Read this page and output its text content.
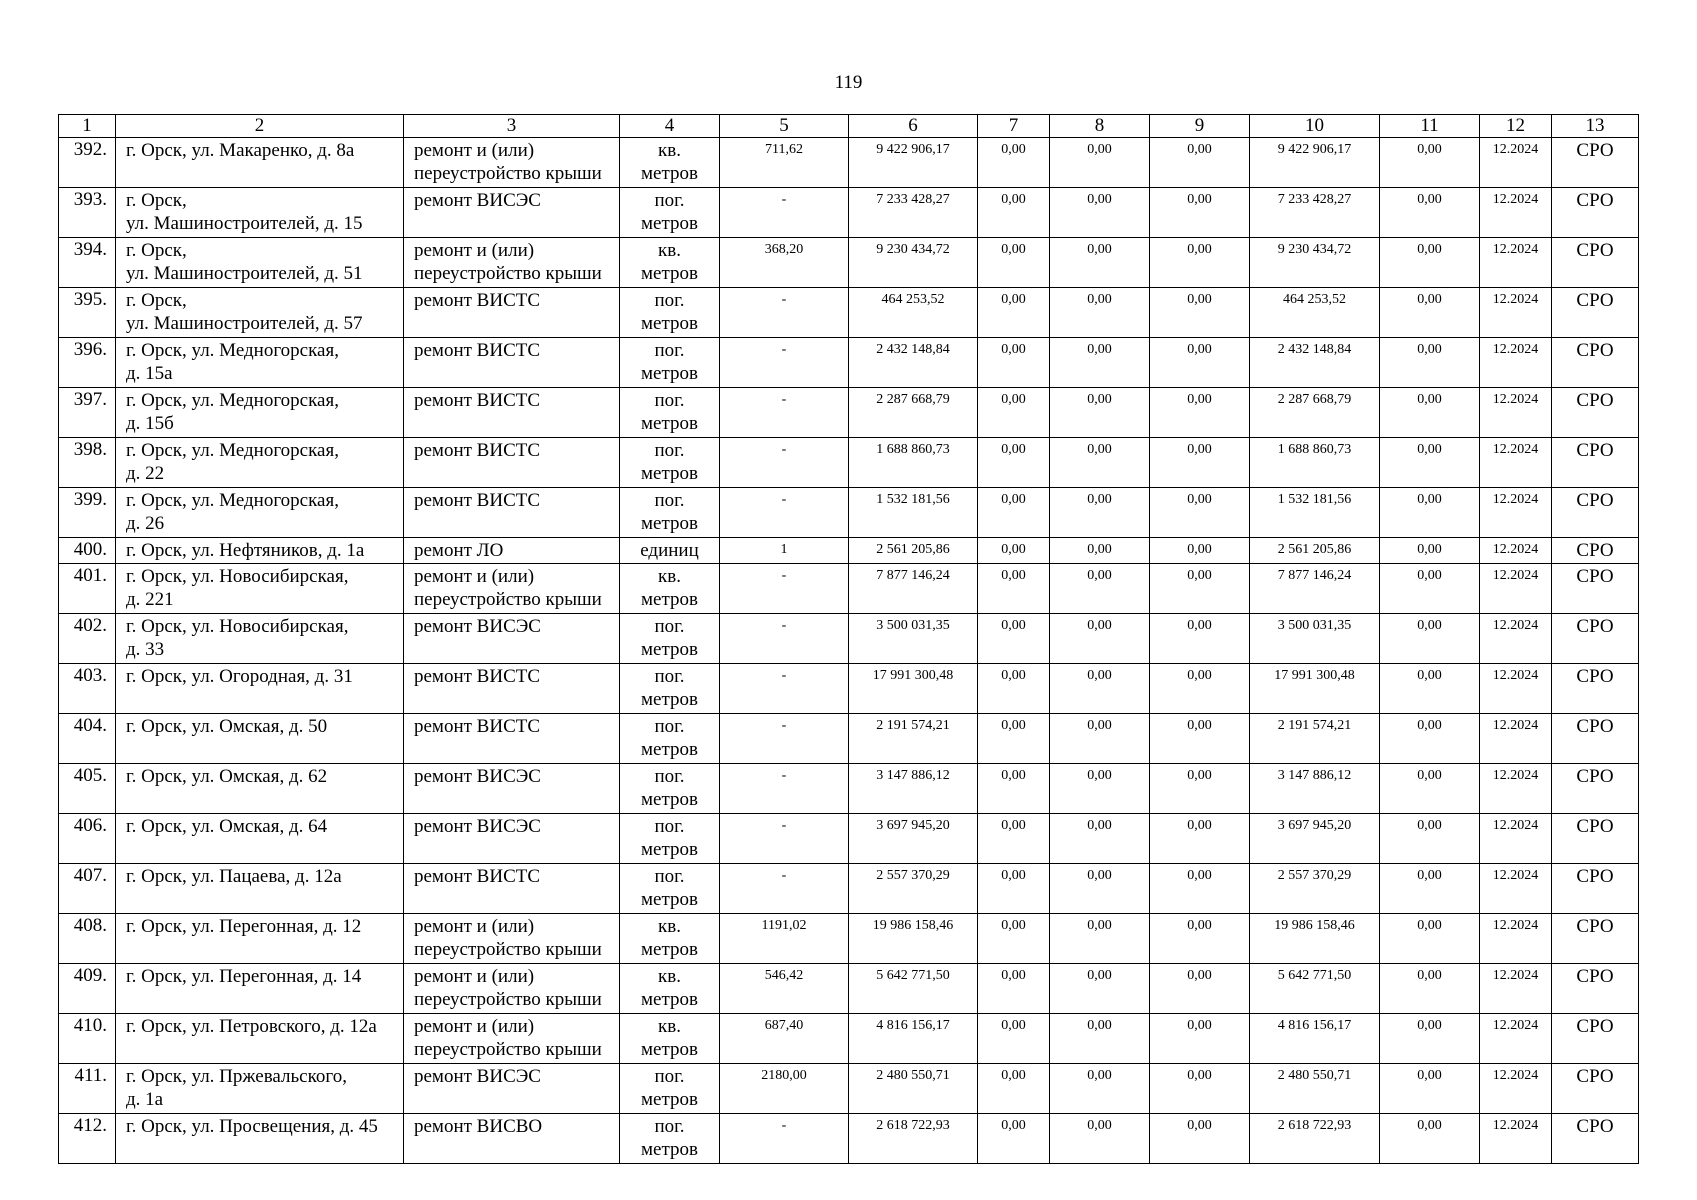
119
1	2	3	4	5	6	7	8	9	10	11	12	13
392.	г. Орск, ул. Макаренко, д. 8а	ремонт и (или)
переустройство крыши	кв.
метров	711,62	9 422 906,17	0,00	0,00	0,00	9 422 906,17	0,00	12.2024	СРО
393.	г. Орск,
ул. Машиностроителей, д. 15	ремонт ВИСЭС	пог.
метров	-	7 233 428,27	0,00	0,00	0,00	7 233 428,27	0,00	12.2024	СРО
394.	г. Орск,
ул. Машиностроителей, д. 51	ремонт и (или)
переустройство крыши	кв.
метров	368,20	9 230 434,72	0,00	0,00	0,00	9 230 434,72	0,00	12.2024	СРО
395.	г. Орск,
ул. Машиностроителей, д. 57	ремонт ВИСТС	пог.
метров	-	464 253,52	0,00	0,00	0,00	464 253,52	0,00	12.2024	СРО
396.	г. Орск, ул. Медногорская,
д. 15а	ремонт ВИСТС	пог.
метров	-	2 432 148,84	0,00	0,00	0,00	2 432 148,84	0,00	12.2024	СРО
397.	г. Орск, ул. Медногорская,
д. 15б	ремонт ВИСТС	пог.
метров	-	2 287 668,79	0,00	0,00	0,00	2 287 668,79	0,00	12.2024	СРО
398.	г. Орск, ул. Медногорская,
д. 22	ремонт ВИСТС	пог.
метров	-	1 688 860,73	0,00	0,00	0,00	1 688 860,73	0,00	12.2024	СРО
399.	г. Орск, ул. Медногорская,
д. 26	ремонт ВИСТС	пог.
метров	-	1 532 181,56	0,00	0,00	0,00	1 532 181,56	0,00	12.2024	СРО
400.	г. Орск, ул. Нефтяников, д. 1а	ремонт ЛО	единиц	1	2 561 205,86	0,00	0,00	0,00	2 561 205,86	0,00	12.2024	СРО
401.	г. Орск, ул. Новосибирская,
д. 221	ремонт и (или)
переустройство крыши	кв.
метров	-	7 877 146,24	0,00	0,00	0,00	7 877 146,24	0,00	12.2024	СРО
402.	г. Орск, ул. Новосибирская,
д. 33	ремонт ВИСЭС	пог.
метров	-	3 500 031,35	0,00	0,00	0,00	3 500 031,35	0,00	12.2024	СРО
403.	г. Орск, ул. Огородная, д. 31	ремонт ВИСТС	пог.
метров	-	17 991 300,48	0,00	0,00	0,00	17 991 300,48	0,00	12.2024	СРО
404.	г. Орск, ул. Омская, д. 50	ремонт ВИСТС	пог.
метров	-	2 191 574,21	0,00	0,00	0,00	2 191 574,21	0,00	12.2024	СРО
405.	г. Орск, ул. Омская, д. 62	ремонт ВИСЭС	пог.
метров	-	3 147 886,12	0,00	0,00	0,00	3 147 886,12	0,00	12.2024	СРО
406.	г. Орск, ул. Омская, д. 64	ремонт ВИСЭС	пог.
метров	-	3 697 945,20	0,00	0,00	0,00	3 697 945,20	0,00	12.2024	СРО
407.	г. Орск, ул. Пацаева, д. 12а	ремонт ВИСТС	пог.
метров	-	2 557 370,29	0,00	0,00	0,00	2 557 370,29	0,00	12.2024	СРО
408.	г. Орск, ул. Перегонная, д. 12	ремонт и (или)
переустройство крыши	кв.
метров	1191,02	19 986 158,46	0,00	0,00	0,00	19 986 158,46	0,00	12.2024	СРО
409.	г. Орск, ул. Перегонная, д. 14	ремонт и (или)
переустройство крыши	кв.
метров	546,42	5 642 771,50	0,00	0,00	0,00	5 642 771,50	0,00	12.2024	СРО
410.	г. Орск, ул. Петровского, д. 12а	ремонт и (или)
переустройство крыши	кв.
метров	687,40	4 816 156,17	0,00	0,00	0,00	4 816 156,17	0,00	12.2024	СРО
411.	г. Орск, ул. Пржевальского,
д. 1а	ремонт ВИСЭС	пог.
метров	2180,00	2 480 550,71	0,00	0,00	0,00	2 480 550,71	0,00	12.2024	СРО
412.	г. Орск, ул. Просвещения, д. 45	ремонт ВИСВО	пог.
метров	-	2 618 722,93	0,00	0,00	0,00	2 618 722,93	0,00	12.2024	СРО
